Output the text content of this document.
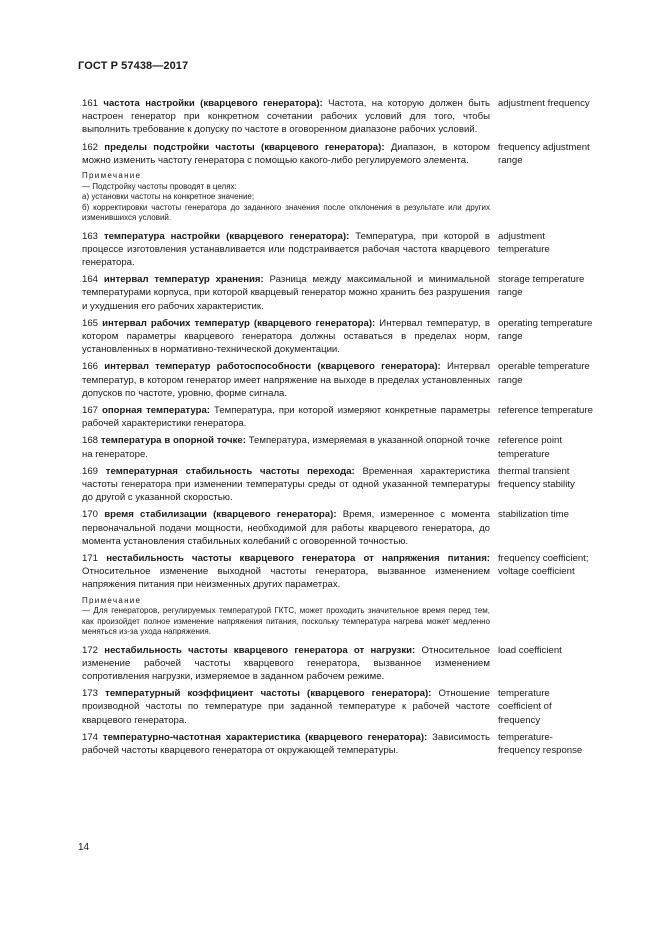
ГОСТ Р 57438—2017
161 частота настройки (кварцевого генератора): Частота, на которую должен быть настроен генератор при конкретном сочетании рабочих условий для того, чтобы выполнить требование к допуску по частоте в оговоренном диапазоне рабочих условий.
adjustment frequency
162 пределы подстройки частоты (кварцевого генератора): Диапазон, в котором можно изменить частоту генератора с помощью какого-либо регулируемого элемента.
frequency adjustment
range
Примечание
— Подстройку частоты проводят в целях:
а) установки частоты на конкретное значение;
б) корректировки частоты генератора до заданного значения после отклонения в результате или других изменившихся условий.
163 температура настройки (кварцевого генератора): Температура, при которой в процессе изготовления устанавливается или подстраивается рабочая частота кварцевого генератора.
adjustment
temperature
164 интервал температур хранения: Разница между максимальной и минимальной температурами корпуса, при которой кварцевый генератор можно хранить без разрушения и ухудшения его рабочих характеристик.
storage temperature
range
165 интервал рабочих температур (кварцевого генератора): Интервал температур, в котором параметры кварцевого генератора должны оставаться в пределах норм, установленных в нормативно-технической документации.
operating temperature
range
166 интервал температур работоспособности (кварцевого генератора): Интервал температур, в котором генератор имеет напряжение на выходе в пределах установленных допусков по частоте, уровню, форме сигнала.
operable temperature
range
167 опорная температура: Температура, при которой измеряют конкретные параметры рабочей характеристики генератора.
reference temperature
168 температура в опорной точке: Температура, измеряемая в указанной опорной точке на генераторе.
reference point
temperature
169 температурная стабильность частоты перехода: Временная характеристика частоты генератора при изменении температуры среды от одной указанной температуры до другой с указанной скоростью.
thermal transient
frequency stability
170 время стабилизации (кварцевого генератора): Время, измеренное с момента первоначальной подачи мощности, необходимой для работы кварцевого генератора, до момента установления стабильных колебаний с оговоренной точностью.
stabilization time
171 нестабильность частоты кварцевого генератора от напряжения питания: Относительное изменение выходной частоты генератора, вызванное изменением напряжения питания при неизменных других параметрах.
frequency coefficient;
voltage coefficient
Примечание
— Для генераторов, регулируемых температурой ГКТС, может проходить значительное время перед тем, как произойдет полное изменение напряжения питания, поскольку температура нагрева может медленно меняться из-за ухода напряжения.
172 нестабильность частоты кварцевого генератора от нагрузки: Относительное изменение рабочей частоты кварцевого генератора, вызванное изменением сопротивления нагрузки, измеряемое в заданном рабочем режиме.
load coefficient
173 температурный коэффициент частоты (кварцевого генератора): Отношение производной частоты по температуре при заданной температуре к рабочей частоте кварцевого генератора.
temperature
coefficient of
frequency
174 температурно-частотная характеристика (кварцевого генератора): Зависимость рабочей частоты кварцевого генератора от окружающей температуры.
temperature-
frequency response
14
